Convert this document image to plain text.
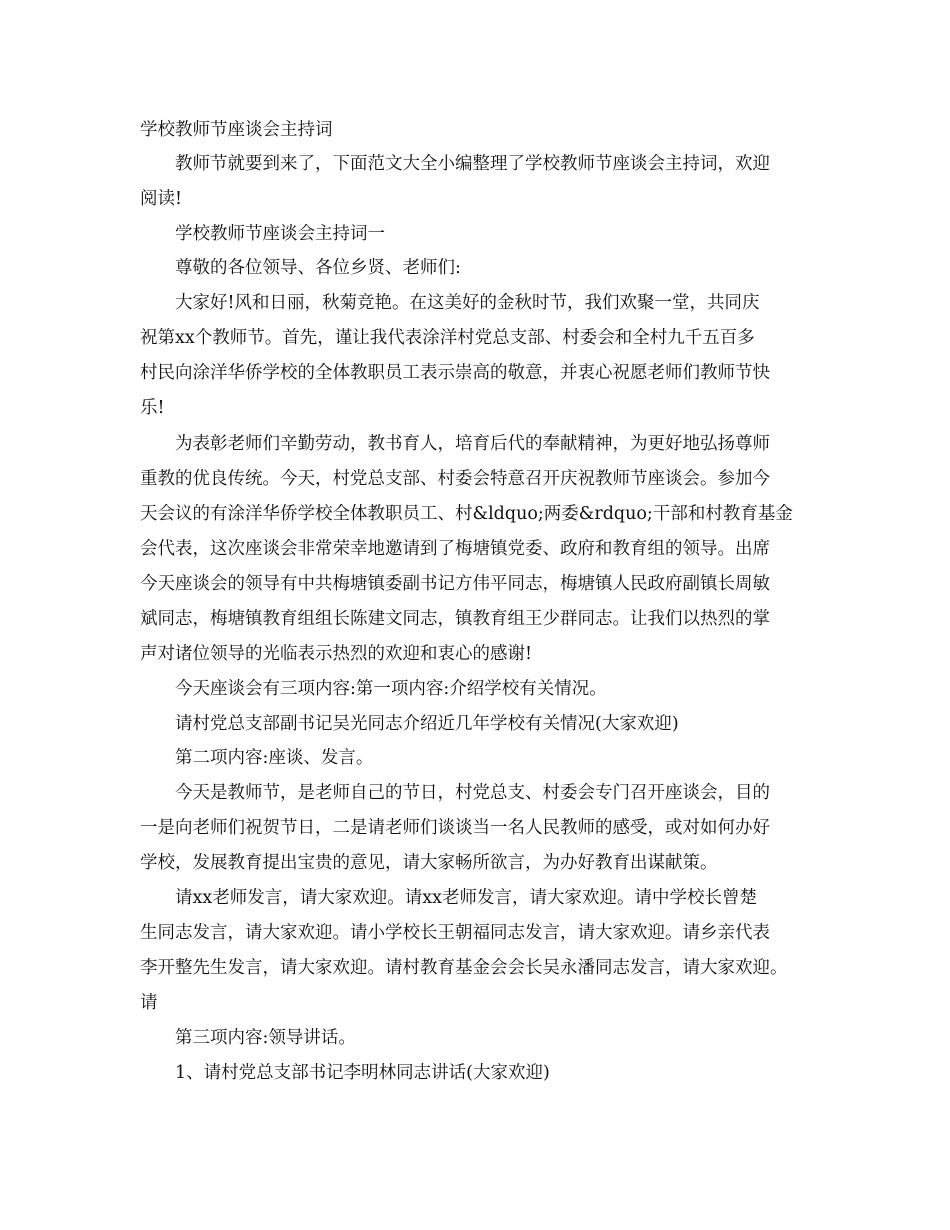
学校教师节座谈会主持词
教师节就要到来了，下面范文大全小编整理了学校教师节座谈会主持词，欢迎
阅读!
学校教师节座谈会主持词一
尊敬的各位领导、各位乡贤、老师们:
大家好!风和日丽，秋菊竞艳。在这美好的金秋时节，我们欢聚一堂，共同庆
祝第xx个教师节。首先，谨让我代表涂洋村党总支部、村委会和全村九千五百多
村民向涂洋华侨学校的全体教职员工表示崇高的敬意，并衷心祝愿老师们教师节快
乐!
为表彰老师们辛勤劳动，教书育人，培育后代的奉献精神，为更好地弘扬尊师
重教的优良传统。今天，村党总支部、村委会特意召开庆祝教师节座谈会。参加今
天会议的有涂洋华侨学校全体教职员工、村&ldquo;两委&rdquo;干部和村教育基金
会代表，这次座谈会非常荣幸地邀请到了梅塘镇党委、政府和教育组的领导。出席
今天座谈会的领导有中共梅塘镇委副书记方伟平同志，梅塘镇人民政府副镇长周敏
斌同志，梅塘镇教育组组长陈建文同志，镇教育组王少群同志。让我们以热烈的掌
声对诸位领导的光临表示热烈的欢迎和衷心的感谢!
今天座谈会有三项内容:第一项内容:介绍学校有关情况。
请村党总支部副书记吴光同志介绍近几年学校有关情况(大家欢迎)
第二项内容:座谈、发言。
今天是教师节，是老师自己的节日，村党总支、村委会专门召开座谈会，目的
一是向老师们祝贺节日，二是请老师们谈谈当一名人民教师的感受，或对如何办好
学校，发展教育提出宝贵的意见，请大家畅所欲言，为办好教育出谋献策。
请xx老师发言，请大家欢迎。请xx老师发言，请大家欢迎。请中学校长曾楚
生同志发言，请大家欢迎。请小学校长王朝福同志发言，请大家欢迎。请乡亲代表
李开整先生发言，请大家欢迎。请村教育基金会会长吴永潘同志发言，请大家欢迎。
请
第三项内容:领导讲话。
1、请村党总支部书记李明林同志讲话(大家欢迎)
